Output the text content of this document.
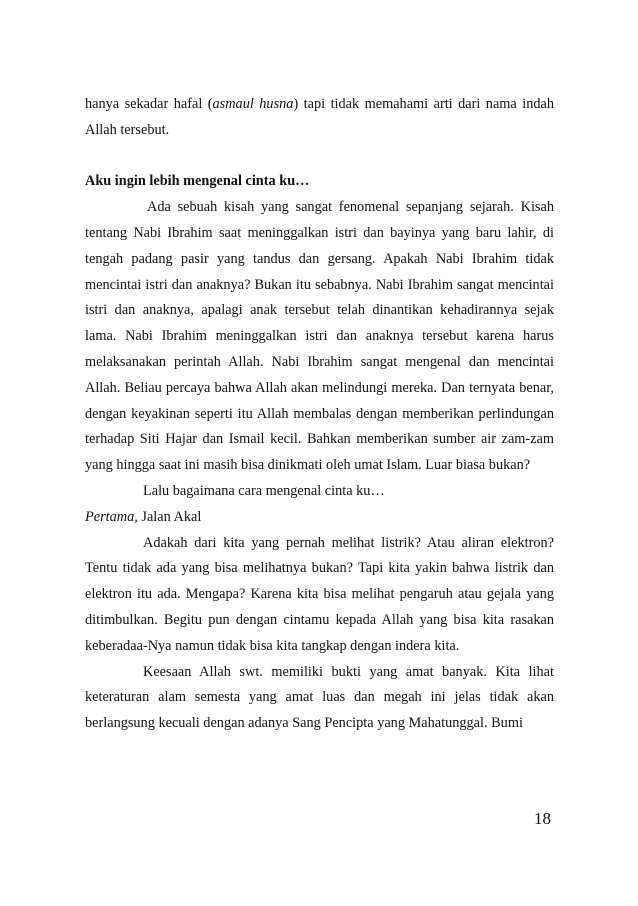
hanya sekadar hafal (asmaul husna) tapi tidak memahami arti dari nama indah Allah tersebut.

Aku ingin lebih mengenal cinta ku…

Ada sebuah kisah yang sangat fenomenal sepanjang sejarah. Kisah tentang Nabi Ibrahim saat meninggalkan istri dan bayinya yang baru lahir, di tengah padang pasir yang tandus dan gersang. Apakah Nabi Ibrahim tidak mencintai istri dan anaknya? Bukan itu sebabnya. Nabi Ibrahim sangat mencintai istri dan anaknya, apalagi anak tersebut telah dinantikan kehadirannya sejak lama. Nabi Ibrahim meninggalkan istri dan anaknya tersebut karena harus melaksanakan perintah Allah. Nabi Ibrahim sangat mengenal dan mencintai Allah. Beliau percaya bahwa Allah akan melindungi mereka. Dan ternyata benar, dengan keyakinan seperti itu Allah membalas dengan memberikan perlindungan terhadap Siti Hajar dan Ismail kecil. Bahkan memberikan sumber air zam-zam yang hingga saat ini masih bisa dinikmati oleh umat Islam. Luar biasa bukan?

Lalu bagaimana cara mengenal cinta ku…

Pertama, Jalan Akal

Adakah dari kita yang pernah melihat listrik? Atau aliran elektron? Tentu tidak ada yang bisa melihatnya bukan? Tapi kita yakin bahwa listrik dan elektron itu ada. Mengapa? Karena kita bisa melihat pengaruh atau gejala yang ditimbulkan. Begitu pun dengan cintamu kepada Allah yang bisa kita rasakan keberadaa-Nya namun tidak bisa kita tangkap dengan indera kita.

Keesaan Allah swt. memiliki bukti yang amat banyak. Kita lihat keteraturan alam semesta yang amat luas dan megah ini jelas tidak akan berlangsung kecuali dengan adanya Sang Pencipta yang Mahatunggal. Bumi

18
